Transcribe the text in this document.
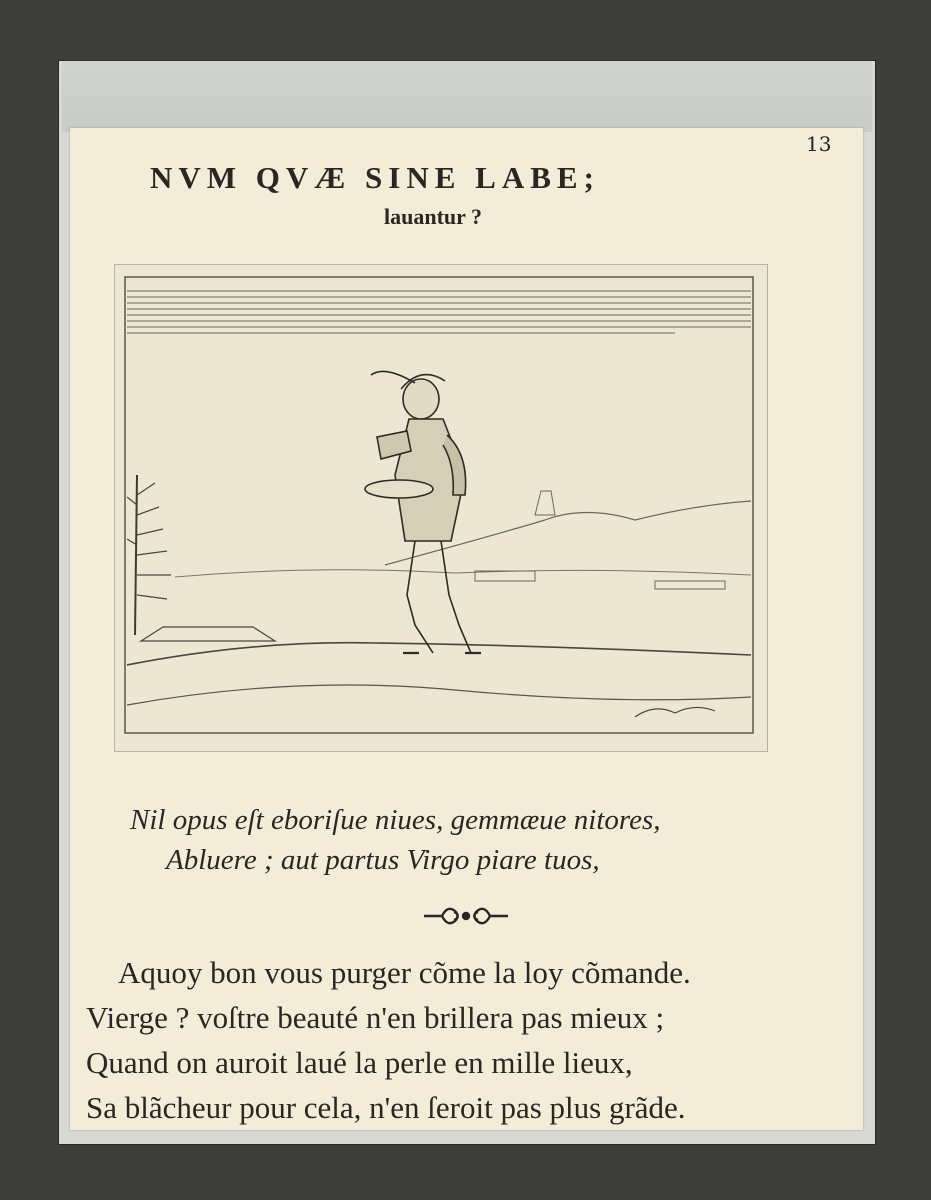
13
NVM QVÆ SINE LABE;
lauantur ?
Nil opus eſt eboriſue niues, gemmæue nitores,
Abluere ; aut partus Virgo piare tuos,
Aquoy bon vous purger cõme la loy cõmande.
Vierge ? voſtre beauté n'en brillera pas mieux ;
Quand on auroit laué la perle en mille lieux,
Sa blãcheur pour cela, n'en ſeroit pas plus grãde.
